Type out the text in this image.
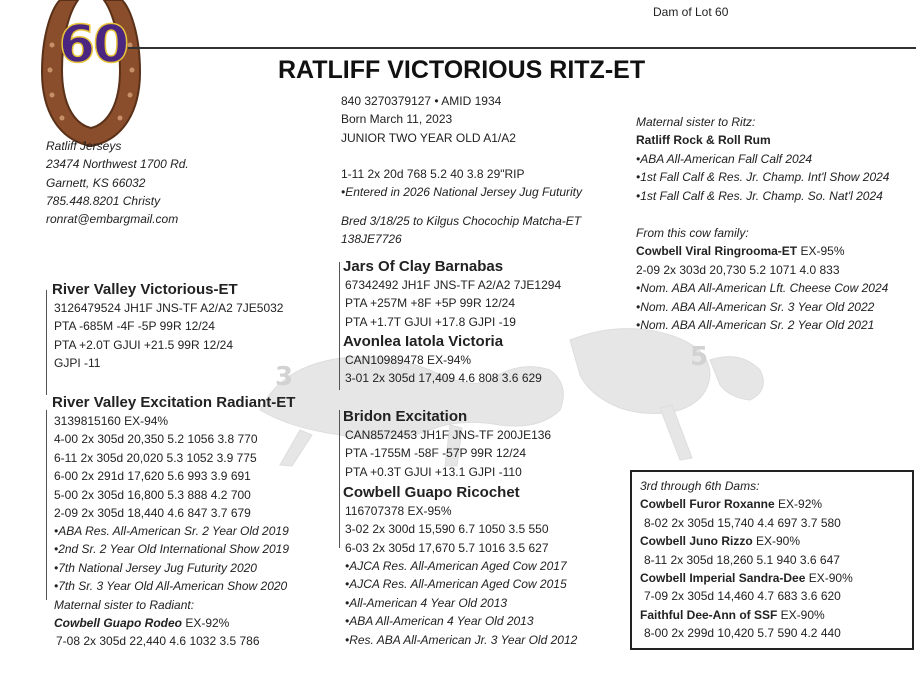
3
5
60
Dam of Lot 60
RATLIFF VICTORIOUS RITZ-ET
Ratliff Jerseys
23474 Northwest 1700 Rd.
Garnett, KS 66032
785.448.8201 Christy
ronrat@embargmail.com
840 3270379127 • AMID 1934
Born March 11, 2023
JUNIOR TWO YEAR OLD A1/A2
1-11 2x 20d 768 5.2 40 3.8 29"RIP
•Entered in 2026 National Jersey Jug Futurity
Bred 3/18/25 to Kilgus Chocochip Matcha-ET
138JE7726
River Valley Victorious-ET
3126479524 JH1F JNS-TF A2/A2 7JE5032
PTA -685M -4F -5P 99R 12/24
PTA +2.0T GJUI +21.5 99R 12/24
GJPI -11
River Valley Excitation Radiant-ET
3139815160 EX-94%
4-00 2x 305d 20,350 5.2 1056 3.8 770
6-11 2x 305d 20,020 5.3 1052 3.9 775
6-00 2x 291d 17,620 5.6 993 3.9 691
5-00 2x 305d 16,800 5.3 888 4.2 700
2-09 2x 305d 18,440 4.6 847 3.7 679
•ABA Res. All-American Sr. 2 Year Old 2019
•2nd Sr. 2 Year Old International Show 2019
•7th National Jersey Jug Futurity 2020
•7th Sr. 3 Year Old All-American Show 2020
Maternal sister to Radiant:
Cowbell Guapo Rodeo EX-92%
7-08 2x 305d 22,440 4.6 1032 3.5 786
Jars Of Clay Barnabas
67342492 JH1F JNS-TF A2/A2 7JE1294
PTA +257M +8F +5P 99R 12/24
PTA +1.7T GJUI +17.8 GJPI -19
Avonlea Iatola Victoria
CAN10989478 EX-94%
3-01 2x 305d 17,409 4.6 808 3.6 629
Bridon Excitation
CAN8572453 JH1F JNS-TF 200JE136
PTA -1755M -58F -57P 99R 12/24
PTA +0.3T GJUI +13.1 GJPI -110
Cowbell Guapo Ricochet
116707378 EX-95%
3-02 2x 300d 15,590 6.7 1050 3.5 550
6-03 2x 305d 17,670 5.7 1016 3.5 627
•AJCA Res. All-American Aged Cow 2017
•AJCA Res. All-American Aged Cow 2015
•All-American 4 Year Old 2013
•ABA All-American 4 Year Old 2013
•Res. ABA All-American Jr. 3 Year Old 2012
Maternal sister to Ritz:
Ratliff Rock & Roll Rum
•ABA All-American Fall Calf 2024
•1st Fall Calf & Res. Jr. Champ. Int'l Show 2024
•1st Fall Calf & Res. Jr. Champ. So. Nat'l 2024
From this cow family:
Cowbell Viral Ringrooma-ET EX-95%
2-09 2x 303d 20,730 5.2 1071 4.0 833
•Nom. ABA All-American Lft. Cheese Cow 2024
•Nom. ABA All-American Sr. 3 Year Old 2022
•Nom. ABA All-American Sr. 2 Year Old 2021
3rd through 6th Dams:
Cowbell Furor Roxanne EX-92%
8-02 2x 305d 15,740 4.4 697 3.7 580
Cowbell Juno Rizzo EX-90%
8-11 2x 305d 18,260 5.1 940 3.6 647
Cowbell Imperial Sandra-Dee EX-90%
7-09 2x 305d 14,460 4.7 683 3.6 620
Faithful Dee-Ann of SSF EX-90%
8-00 2x 299d 10,420 5.7 590 4.2 440
